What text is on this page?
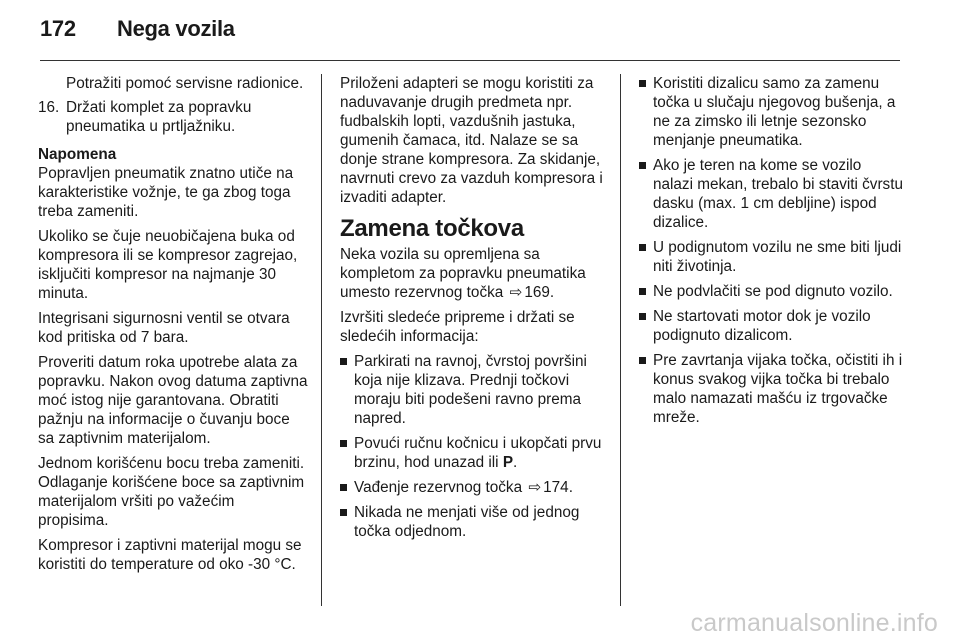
172 Nega vozila

Potražiti pomoć servisne radionice.

16. Držati komplet za popravku pneumatika u prtljažniku.

Napomena

Popravljen pneumatik znatno utiče na karakteristike vožnje, te ga zbog toga treba zameniti.

Ukoliko se čuje neuobičajena buka od kompresora ili se kompresor zagrejao, isključiti kompresor na najmanje 30 minuta.

Integrisani sigurnosni ventil se otvara kod pritiska od 7 bara.

Proveriti datum roka upotrebe alata za popravku. Nakon ovog datuma zaptivna moć istog nije garantovana. Obratiti pažnju na informacije o čuvanju boce sa zaptivnim materijalom.

Jednom korišćenu bocu treba zameniti. Odlaganje korišćene boce sa zaptivnim materijalom vršiti po važećim propisima.

Kompresor i zaptivni materijal mogu se koristiti do temperature od oko -30 °C.

Priloženi adapteri se mogu koristiti za naduvavanje drugih predmeta npr. fudbalskih lopti, vazdušnih jastuka, gumenih čamaca, itd. Nalaze se sa donje strane kompresora. Za skidanje, navrnuti crevo za vazduh kompresora i izvaditi adapter.

Zamena točkova

Neka vozila su opremljena sa kompletom za popravku pneumatika umesto rezervnog točka ⇨ 169.

Izvršiti sledeće pripreme i držati se sledećih informacija:

Parkirati na ravnoj, čvrstoj površini koja nije klizava. Prednji točkovi moraju biti podešeni ravno prema napred.
Povući ručnu kočnicu i ukopčati prvu brzinu, hod unazad ili P.
Vađenje rezervnog točka ⇨ 174.
Nikada ne menjati više od jednog točka odjednom.
Koristiti dizalicu samo za zamenu točka u slučaju njegovog bušenja, a ne za zimsko ili letnje sezonsko menjanje pneumatika.
Ako je teren na kome se vozilo nalazi mekan, trebalo bi staviti čvrstu dasku (max. 1 cm debljine) ispod dizalice.
U podignutom vozilu ne sme biti ljudi niti životinja.
Ne podvlačiti se pod dignuto vozilo.
Ne startovati motor dok je vozilo podignuto dizalicom.
Pre zavrtanja vijaka točka, očistiti ih i konus svakog vijka točka bi trebalo malo namazati mašću iz trgovačke mreže.
carmanualsonline.info
